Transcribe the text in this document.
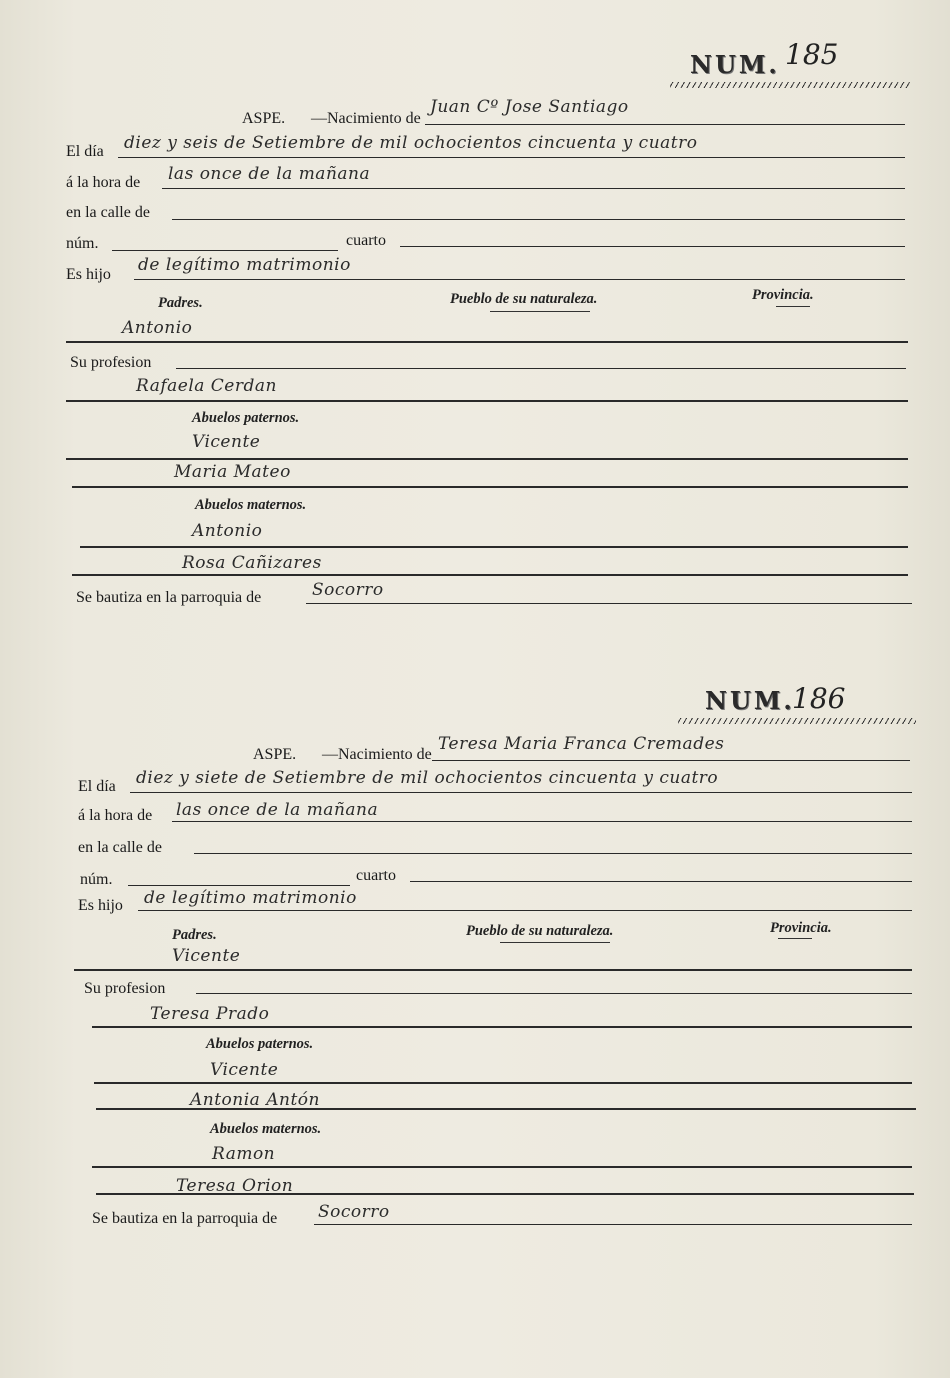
NUM. 185
ASPE. —Nacimiento de
Juan Cº Jose Santiago
El día diez y seis de Setiembre de mil ochocientos cincuenta y cuatro
á la hora de las once de la mañana
en la calle de
núm.	cuarto
Es hijo de legítimo matrimonio
Padres.	Pueblo de su naturaleza.	Provincia.
Antonio
Su profesion
Rafaela Cerdan
Abuelos paternos.
Vicente
Maria Mateo
Abuelos maternos.
Antonio
Rosa Cañizares
Se bautiza en la parroquia de	Socorro
NUM.
186
ASPE. —Nacimiento de
Teresa Maria Franca Cremades
El día diez y siete de Setiembre de mil ochocientos cincuenta y cuatro
á la hora de las once de la mañana
en la calle de
núm.	cuarto
Es hijo de legítimo matrimonio
Padres.	Pueblo de su naturaleza.	Provincia.
Vicente
Su profesion
Teresa Prado
Abuelos paternos.
Vicente
Antonia Antón
Abuelos maternos.
Ramon
Teresa Orion
Se bautiza en la parroquia de Socorro
